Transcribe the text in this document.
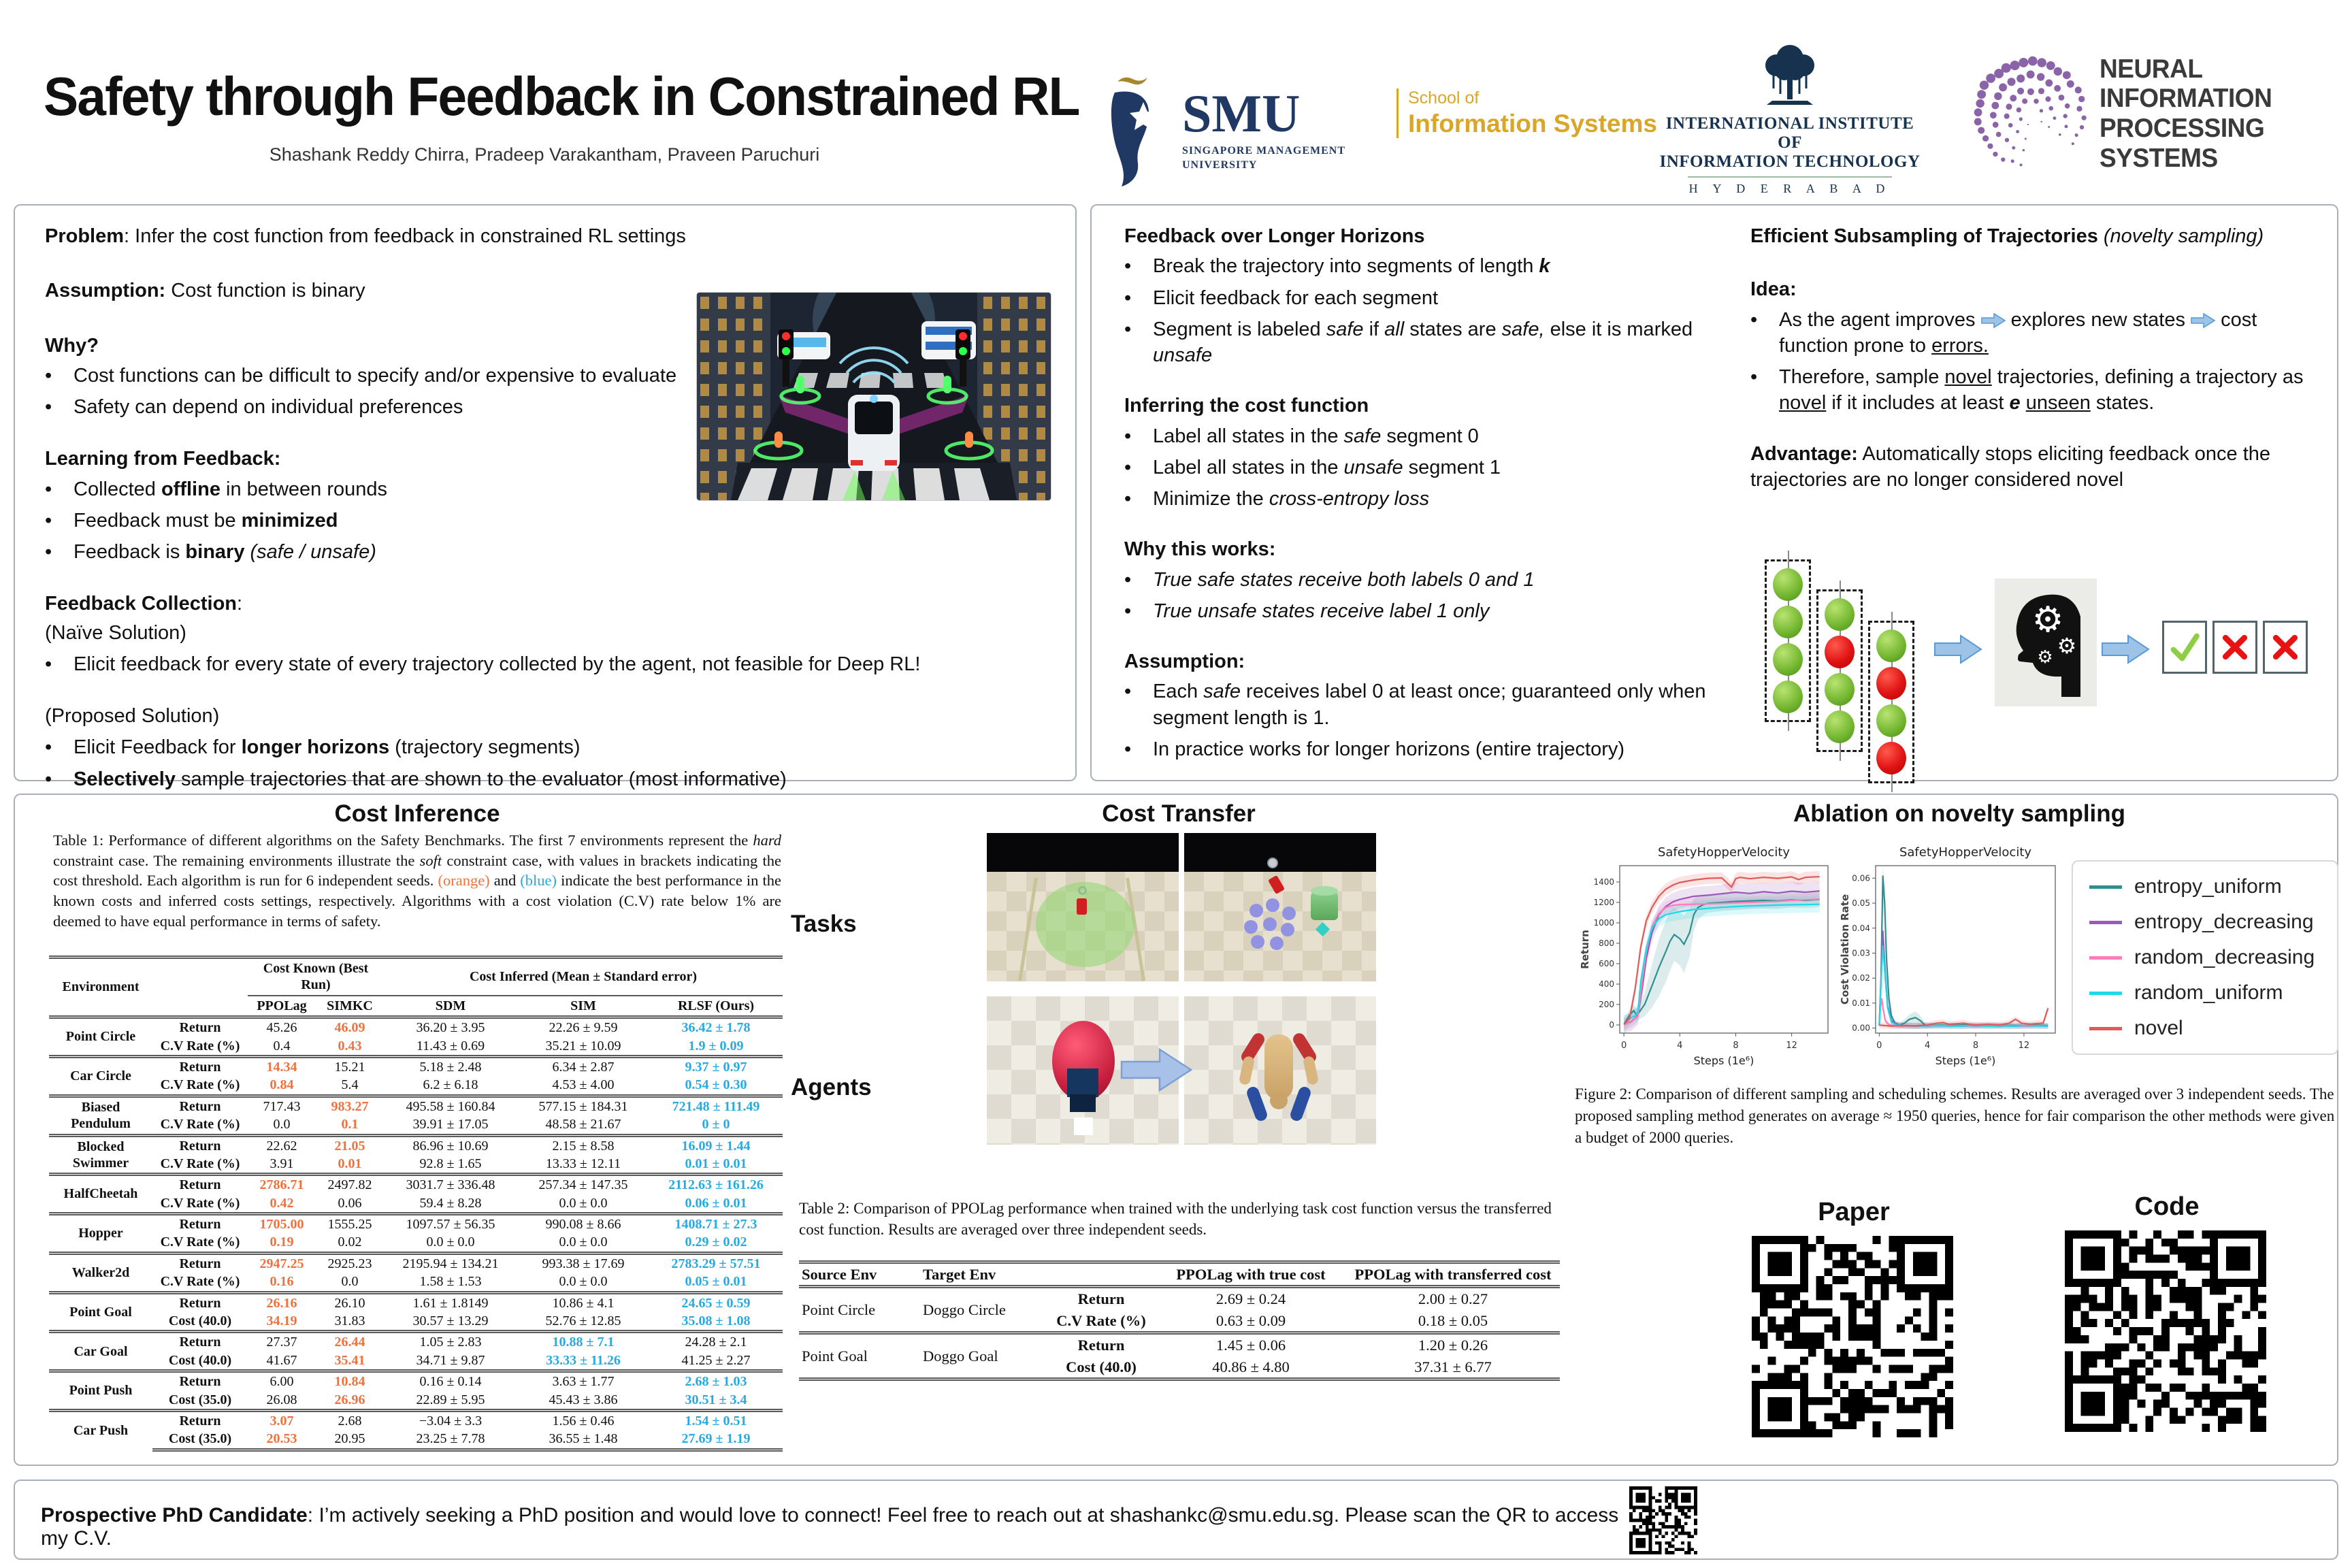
Safety through Feedback in Constrained RL
Shashank Reddy Chirra, Pradeep Varakantham, Praveen Paruchuri
SMU
SINGAPORE MANAGEMENT
UNIVERSITY
School of
Information Systems INTERNATIONAL INSTITUTE OF
INFORMATION TECHNOLOGY
H Y D E R A B A D
NEURAL INFORMATION
PROCESSING SYSTEMS
Problem: Infer the cost function from feedback in constrained RL settings
Assumption: Cost function is binary
Why?
•	Cost functions can be difficult to specify and/or expensive to evaluate
•	Safety can depend on individual preferences
Learning from Feedback:
•	Collected offline in between rounds
•	Feedback must be minimized
•	Feedback is binary (safe / unsafe)
Feedback Collection:
(Naïve Solution)
•	Elicit feedback for every state of every trajectory collected by the agent, not feasible for Deep RL!
(Proposed Solution)
•	Elicit Feedback for longer horizons (trajectory segments)
•	Selectively sample trajectories that are shown to the evaluator (most informative)
Feedback over Longer Horizons
•	Break the trajectory into segments of length k
•	Elicit feedback for each segment
•	Segment is labeled safe if all states are safe, else it is marked unsafe
Inferring the cost function
•	Label all states in the safe segment 0
•	Label all states in the unsafe segment 1
•	Minimize the cross-entropy loss
Why this works:
•	True safe states receive both labels 0 and 1
•	True unsafe states receive label 1 only
Assumption:
•	Each safe receives label 0 at least once; guaranteed only when segment length is 1.
•	In practice works for longer horizons (entire trajectory)
Efficient Subsampling of Trajectories (novelty sampling)
Idea:
•	As the agent improves  explores new states  cost function prone to errors.
•	Therefore, sample novel trajectories, defining a trajectory as novel if it includes at least e unseen states.
Advantage: Automatically stops eliciting feedback once the trajectories are no longer considered novel
⚙
⚙
⚙
Cost Inference
Table 1: Performance of different algorithms on the Safety Benchmarks. The first 7 environments represent the hard constraint case. The remaining environments illustrate the soft constraint case, with values in brackets indicating the cost threshold. Each algorithm is run for 6 independent seeds. (orange) and (blue) indicate the best performance in the known costs and inferred costs settings, respectively. Algorithms with a cost violation (C.V) rate below 1% are deemed to have equal performance in terms of safety.
Environment		Cost Known (Best Run)		Cost Inferred (Mean ± Standard error)		
		PPOLag	SIMKC	SDM	SIM	RLSF (Ours)
Point Circle	Return	45.26	46.09	36.20 ± 3.95	22.26 ± 9.59	36.42 ± 1.78
	C.V Rate (%)	0.4	0.43	11.43 ± 0.69	35.21 ± 10.09	1.9 ± 0.09
Car Circle	Return	14.34	15.21	5.18 ± 2.48	6.34 ± 2.87	9.37 ± 0.97
	C.V Rate (%)	0.84	5.4	6.2 ± 6.18	4.53 ± 4.00	0.54 ± 0.30
Biased Pendulum	Return	717.43	983.27	495.58 ± 160.84	577.15 ± 184.31	721.48 ± 111.49
	C.V Rate (%)	0.0	0.1	39.91 ± 17.05	48.58 ± 21.67	0 ± 0
Blocked Swimmer	Return	22.62	21.05	86.96 ± 10.69	2.15 ± 8.58	16.09 ± 1.44
	C.V Rate (%)	3.91	0.01	92.8 ± 1.65	13.33 ± 12.11	0.01 ± 0.01
HalfCheetah	Return	2786.71	2497.82	3031.7 ± 336.48	257.34 ± 147.35	2112.63 ± 161.26
	C.V Rate (%)	0.42	0.06	59.4 ± 8.28	0.0 ± 0.0	0.06 ± 0.01
Hopper	Return	1705.00	1555.25	1097.57 ± 56.35	990.08 ± 8.66	1408.71 ± 27.3
	C.V Rate (%)	0.19	0.02	0.0 ± 0.0	0.0 ± 0.0	0.29 ± 0.02
Walker2d	Return	2947.25	2925.23	2195.94 ± 134.21	993.38 ± 17.69	2783.29 ± 57.51
	C.V Rate (%)	0.16	0.0	1.58 ± 1.53	0.0 ± 0.0	0.05 ± 0.01
Point Goal	Return	26.16	26.10	1.61 ± 1.8149	10.86 ± 4.1	24.65 ± 0.59
	Cost (40.0)	34.19	31.83	30.57 ± 13.29	52.76 ± 12.85	35.08 ± 1.08
Car Goal	Return	27.37	26.44	1.05 ± 2.83	10.88 ± 7.1	24.28 ± 2.1
	Cost (40.0)	41.67	35.41	34.71 ± 9.87	33.33 ± 11.26	41.25 ± 2.27
Point Push	Return	6.00	10.84	0.16 ± 0.14	3.63 ± 1.77	2.68 ± 1.03
	Cost (35.0)	26.08	26.96	22.89 ± 5.95	45.43 ± 3.86	30.51 ± 3.4
Car Push	Return	3.07	2.68	−3.04 ± 3.3	1.56 ± 0.46	1.54 ± 0.51
	Cost (35.0)	20.53	20.95	23.25 ± 7.78	36.55 ± 1.48	27.69 ± 1.19
Cost Transfer
Tasks
Agents
Table 2: Comparison of PPOLag performance when trained with the underlying task cost function versus the transferred cost function. Results are averaged over three independent seeds.
Source Env	Target Env		PPOLag with true cost	PPOLag with transferred cost
Point Circle	Doggo Circle	Return	2.69 ± 0.24	2.00 ± 0.27
		C.V Rate (%)	0.63 ± 0.09	0.18 ± 0.05
Point Goal	Doggo Goal	Return	1.45 ± 0.06	1.20 ± 0.26
		Cost (40.0)	40.86 ± 4.80	37.31 ± 6.77
Ablation on novelty sampling
SafetyHopperVelocity
0	4	8	12
0
200
400
600
800
1000
1200
1400
Steps (1e⁶)
Return
SafetyHopperVelocity
0	4	8	12
0.00
0.01
0.02
0.03
0.04
0.05
0.06
Steps (1e⁶)
Cost Violation Rate
entropy_uniform
entropy_decreasing
random_decreasing
random_uniform
novel
Figure 2: Comparison of different sampling and scheduling schemes. Results are averaged over 3 independent seeds. The proposed sampling method generates on average ≈ 1950 queries, hence for fair comparison the other methods were given a budget of 2000 queries.
Paper	Code
Prospective PhD Candidate: I’m actively seeking a PhD position and would love to connect! Feel free to reach out at shashankc@smu.edu.sg. Please scan the QR to access my C.V.
